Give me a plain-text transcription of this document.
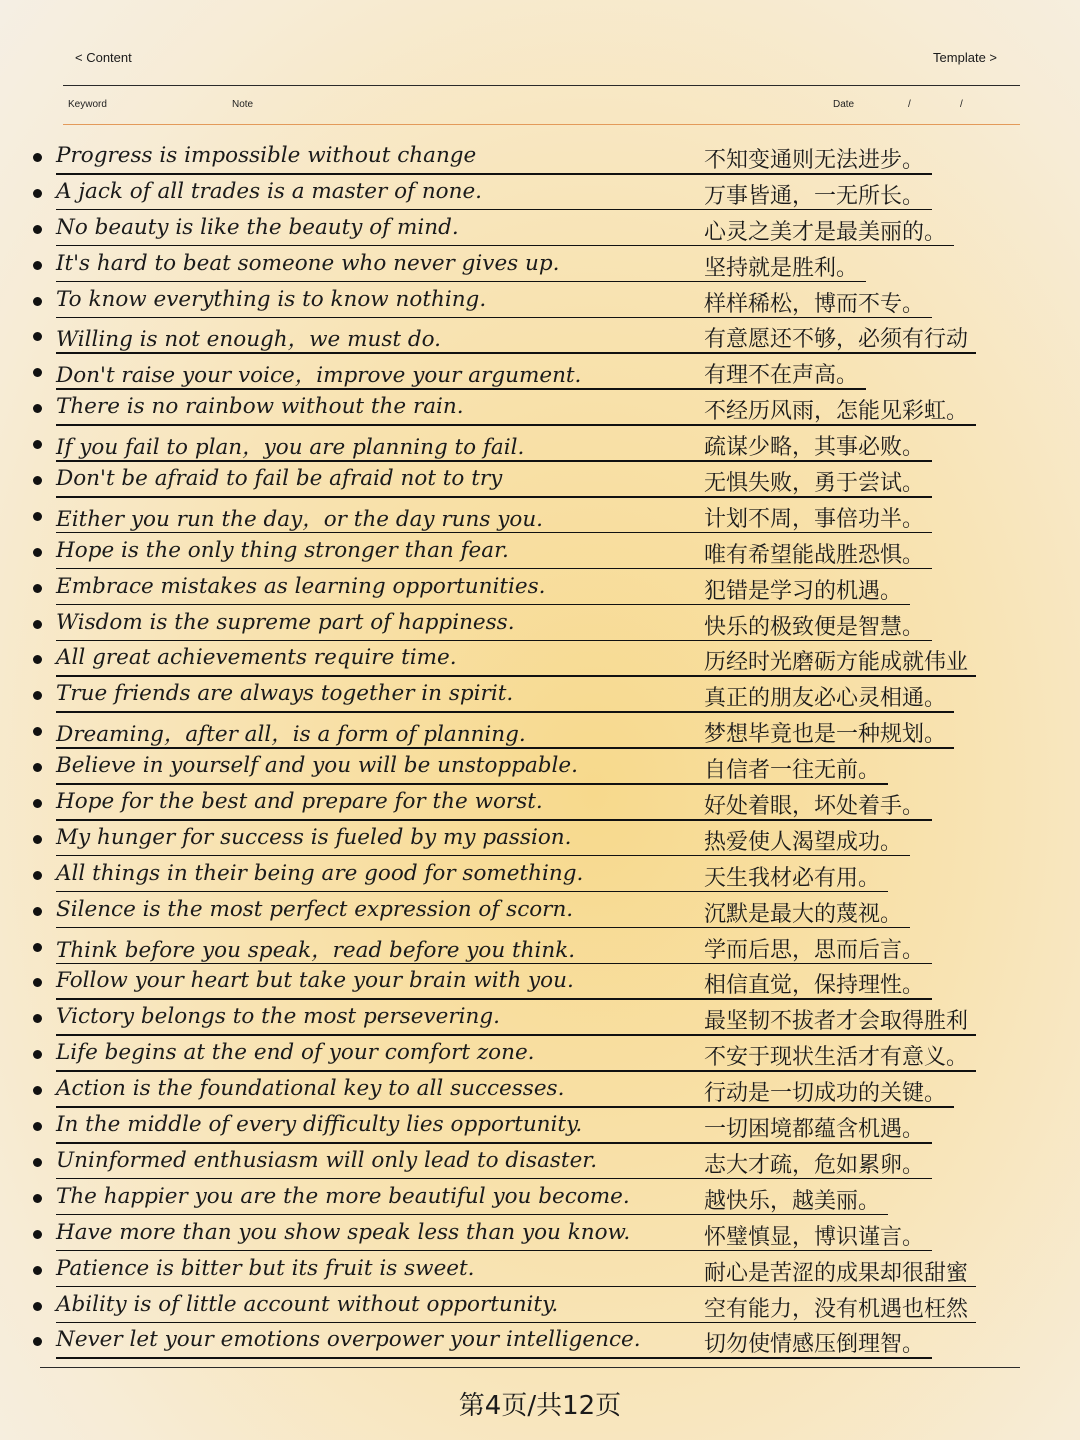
< Content	Template >
Keyword	Note	Date	/	/
Progress is impossible without change	不知变通则无法进步。
A jack of all trades is a master of none.	万事皆通，一无所长。
No beauty is like the beauty of mind.	心灵之美才是最美丽的。
It's hard to beat someone who never gives up.	坚持就是胜利。
To know everything is to know nothing.	样样稀松，博而不专。
Willing is not enough，we must do.	有意愿还不够，必须有行动
Don't raise your voice，improve your argument.	有理不在声高。
There is no rainbow without the rain.	不经历风雨，怎能见彩虹。
If you fail to plan，you are planning to fail.	疏谋少略，其事必败。
Don't be afraid to fail be afraid not to try	无惧失败，勇于尝试。
Either you run the day，or the day runs you.	计划不周，事倍功半。
Hope is the only thing stronger than fear.	唯有希望能战胜恐惧。
Embrace mistakes as learning opportunities.	犯错是学习的机遇。
Wisdom is the supreme part of happiness.	快乐的极致便是智慧。
All great achievements require time.	历经时光磨砺方能成就伟业
True friends are always together in spirit.	真正的朋友必心灵相通。
Dreaming，after all，is a form of planning.	梦想毕竟也是一种规划。
Believe in yourself and you will be unstoppable.	自信者一往无前。
Hope for the best and prepare for the worst.	好处着眼，坏处着手。
My hunger for success is fueled by my passion.	热爱使人渴望成功。
All things in their being are good for something.	天生我材必有用。
Silence is the most perfect expression of scorn.	沉默是最大的蔑视。
Think before you speak，read before you think.	学而后思，思而后言。
Follow your heart but take your brain with you.	相信直觉，保持理性。
Victory belongs to the most persevering.	最坚韧不拔者才会取得胜利
Life begins at the end of your comfort zone.	不安于现状生活才有意义。
Action is the foundational key to all successes.	行动是一切成功的关键。
In the middle of every difficulty lies opportunity.	一切困境都蕴含机遇。
Uninformed enthusiasm will only lead to disaster.	志大才疏，危如累卵。
The happier you are the more beautiful you become.	越快乐，越美丽。
Have more than you show speak less than you know.	怀璧慎显，博识谨言。
Patience is bitter but its fruit is sweet.	耐心是苦涩的成果却很甜蜜
Ability is of little account without opportunity.	空有能力，没有机遇也枉然
Never let your emotions overpower your intelligence.	切勿使情感压倒理智。
第4页/共12页
